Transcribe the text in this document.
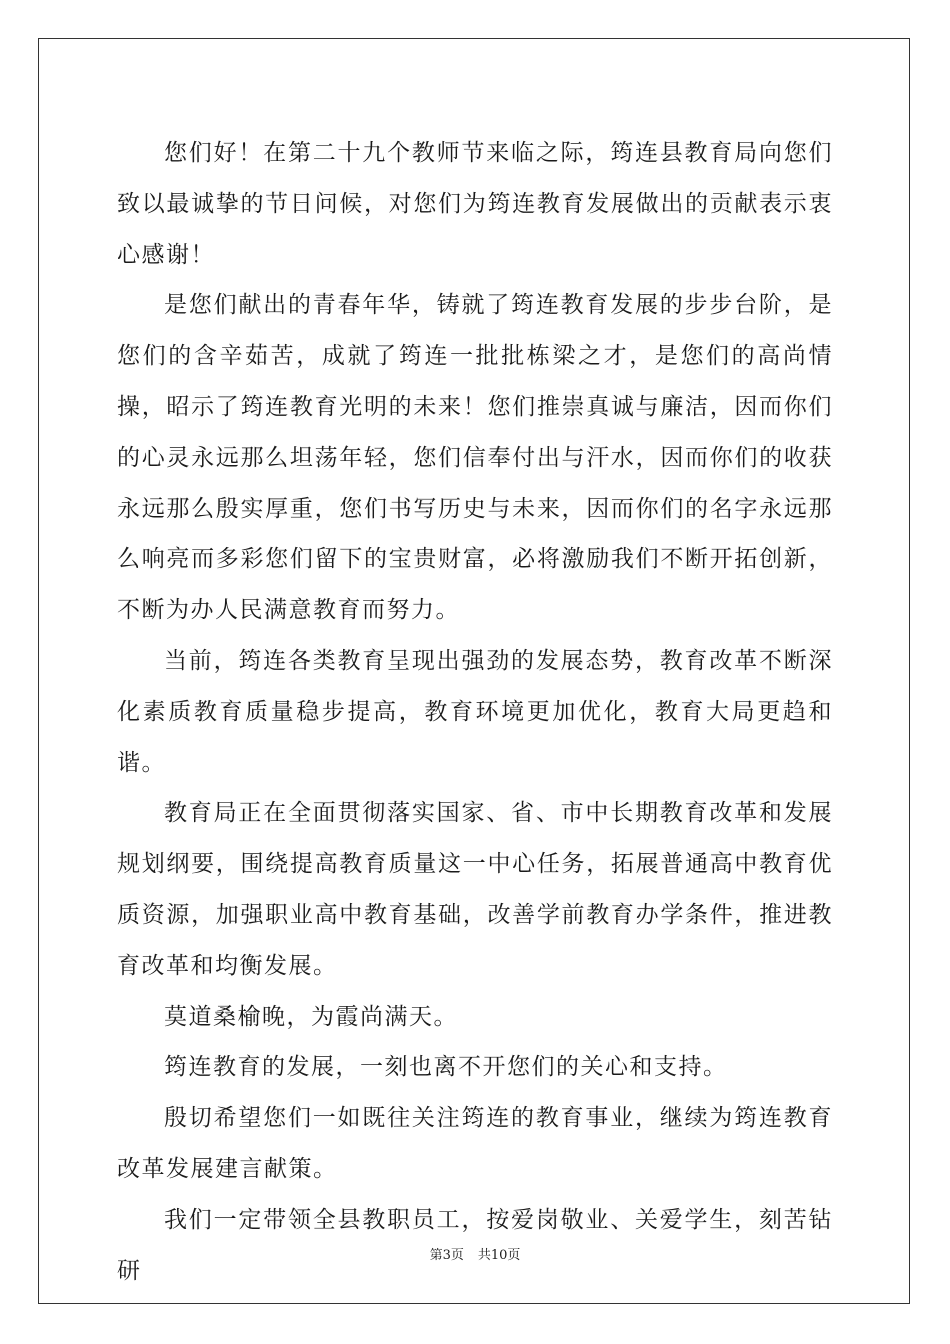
您们好！在第二十九个教师节来临之际，筠连县教育局向您们致以最诚挚的节日问候，对您们为筠连教育发展做出的贡献表示衷心感谢！

是您们献出的青春年华，铸就了筠连教育发展的步步台阶，是您们的含辛茹苦，成就了筠连一批批栋梁之才，是您们的高尚情操，昭示了筠连教育光明的未来！您们推崇真诚与廉洁，因而你们的心灵永远那么坦荡年轻，您们信奉付出与汗水，因而你们的收获永远那么殷实厚重，您们书写历史与未来，因而你们的名字永远那么响亮而多彩您们留下的宝贵财富，必将激励我们不断开拓创新，不断为办人民满意教育而努力。

当前，筠连各类教育呈现出强劲的发展态势，教育改革不断深化素质教育质量稳步提高，教育环境更加优化，教育大局更趋和谐。

教育局正在全面贯彻落实国家、省、市中长期教育改革和发展规划纲要，围绕提高教育质量这一中心任务，拓展普通高中教育优质资源，加强职业高中教育基础，改善学前教育办学条件，推进教育改革和均衡发展。

莫道桑榆晚，为霞尚满天。

筠连教育的发展，一刻也离不开您们的关心和支持。

殷切希望您们一如既往关注筠连的教育事业，继续为筠连教育改革发展建言献策。

我们一定带领全县教职员工，按爱岗敬业、关爱学生，刻苦钻研

第3页 共10页
